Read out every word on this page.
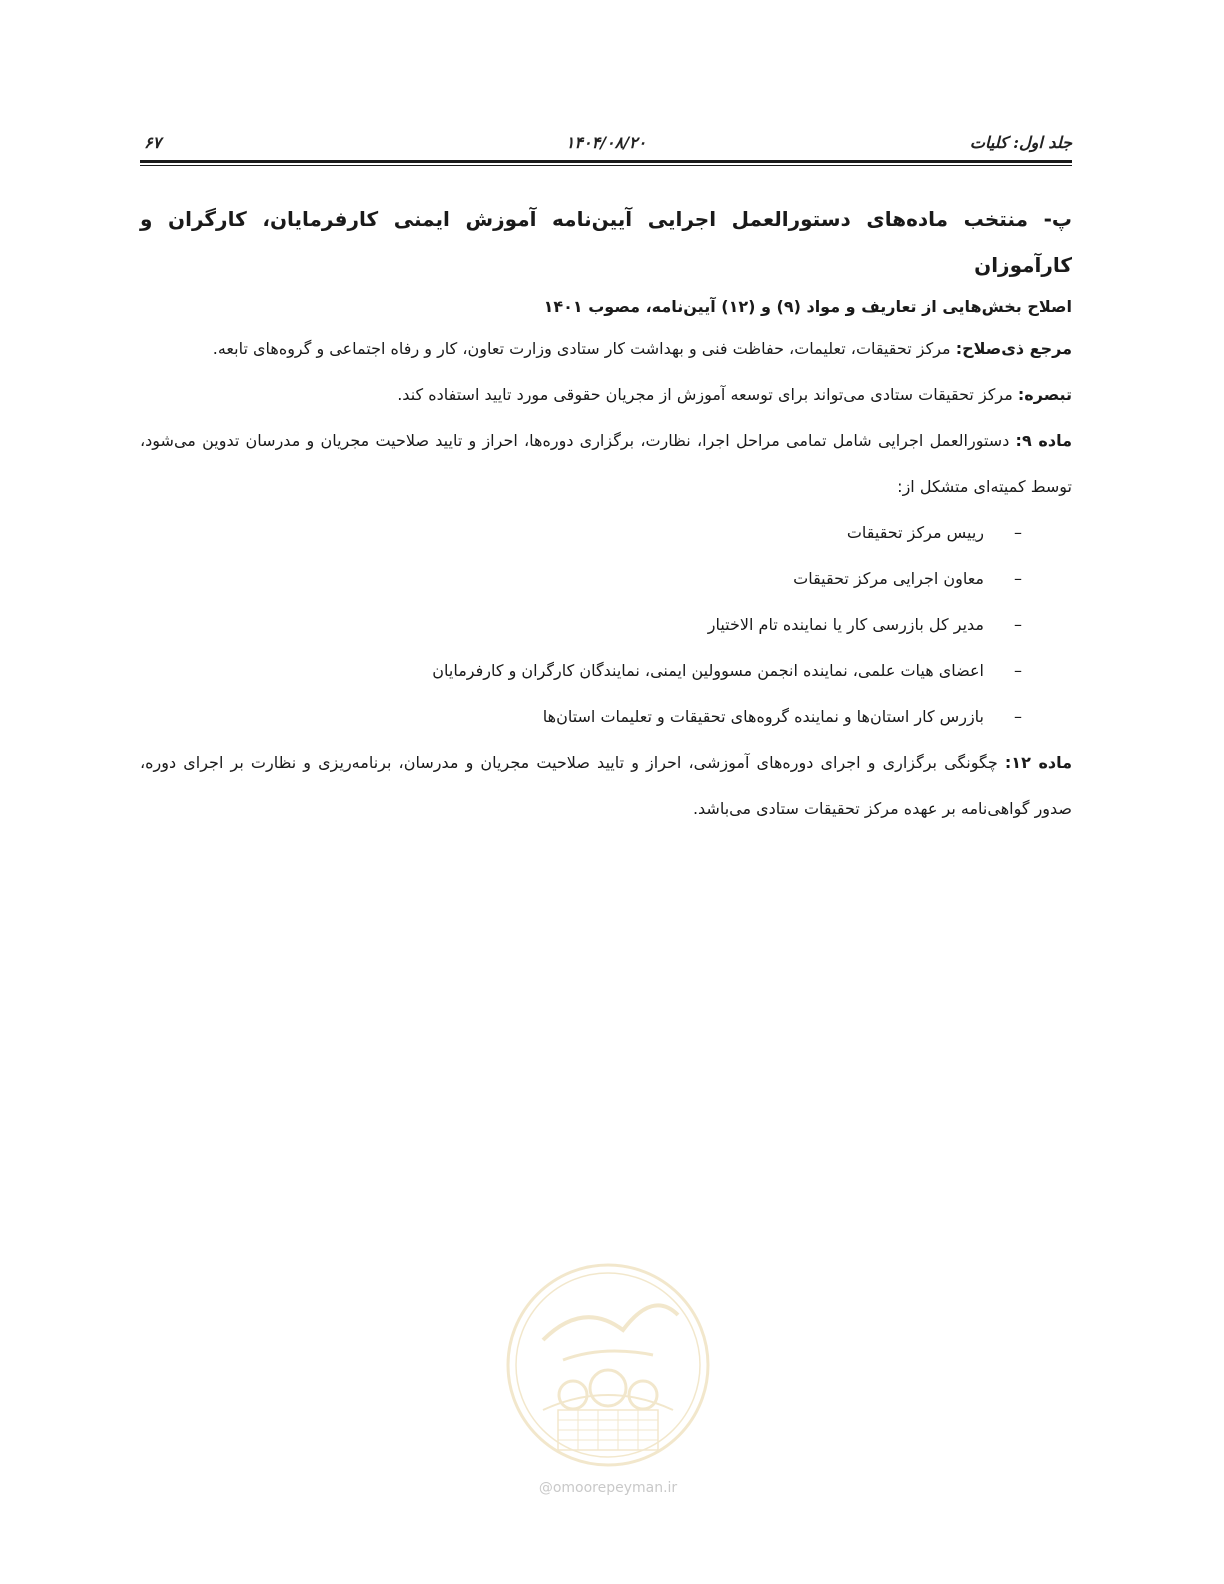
جلد اول: کلیات
۱۴۰۴/۰۸/۲۰
۶۷

پ- منتخب ماده‌های دستورالعمل اجرایی آیین‌نامه آموزش ایمنی کارفرمایان، کارگران و کارآموزان

اصلاح بخش‌هایی از تعاریف و مواد (۹) و (۱۲) آیین‌نامه، مصوب ۱۴۰۱

مرجع ذی‌صلاح: مرکز تحقیقات، تعلیمات، حفاظت فنی و بهداشت کار ستادی وزارت تعاون، کار و رفاه اجتماعی و گروه‌های تابعه.

تبصره: مرکز تحقیقات ستادی می‌تواند برای توسعه آموزش از مجریان حقوقی مورد تایید استفاده کند.

ماده ۹: دستورالعمل اجرایی شامل تمامی مراحل اجرا، نظارت، برگزاری دوره‌ها، احراز و تایید صلاحیت مجریان و مدرسان تدوین می‌شود، توسط کمیته‌ای متشکل از:

–
رییس مرکز تحقیقات
–
معاون اجرایی مرکز تحقیقات
–
مدیر کل بازرسی کار یا نماینده تام الاختیار
–
اعضای هیات علمی، نماینده انجمن مسوولین ایمنی، نمایندگان کارگران و کارفرمایان
–
بازرس کار استان‌ها و نماینده گروه‌های تحقیقات و تعلیمات استان‌ها

ماده ۱۲: چگونگی برگزاری و اجرای دوره‌های آموزشی، احراز و تایید صلاحیت مجریان و مدرسان، برنامه‌ریزی و نظارت بر اجرای دوره، صدور گواهی‌نامه بر عهده مرکز تحقیقات ستادی می‌باشد.

@omoorepeyman.ir
